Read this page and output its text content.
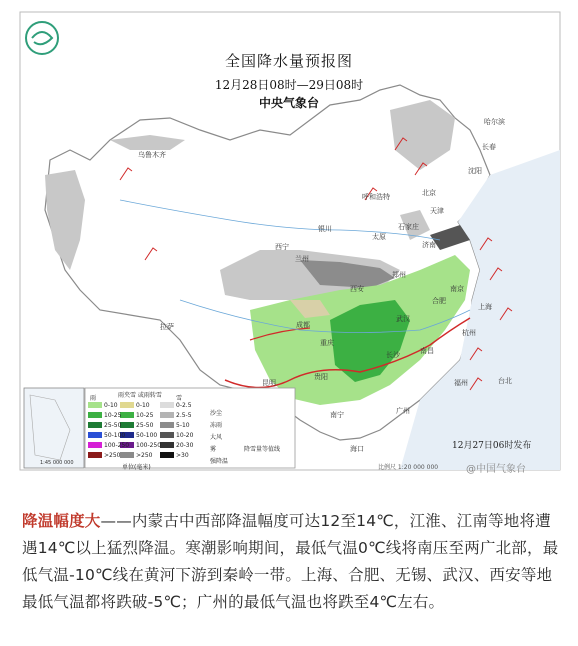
全国降水量预报图
12月28日08时—29日08时
中央气象台
乌鲁木齐
哈尔滨
长春
沈阳
北京
天津
呼和浩特
太原
石家庄
济南
银川
西宁
兰州
西安
郑州
合肥
南京
上海
成都
重庆
武汉
杭州
拉萨
贵阳
长沙
福州
南宁	广州
台北
昆明
南昌
海口
雨夹雪 或雨转雪
雨	雪
0-10
10-25
25-50
50-100
100-250
>250
0-10
10-25
25-50
50-100
100-250
>250
0-2.5
2.5-5
5-10
10-20
20-30
>30
单位(毫米)
沙尘
冻雨
大风
雾
强降温
降雪量等值线
1:45 000 000
12月27日06时发布
比例尺 1:20 000 000	@中国气象台
降温幅度大——内蒙古中西部降温幅度可达12至14℃，江淮、江南等地将遭遇14℃以上猛烈降温。寒潮影响期间，最低气温0℃线将南压至两广北部，最低气温-10℃线在黄河下游到秦岭一带。上海、合肥、无锡、武汉、西安等地最低气温都将跌破-5℃；广州的最低气温也将跌至4℃左右。
